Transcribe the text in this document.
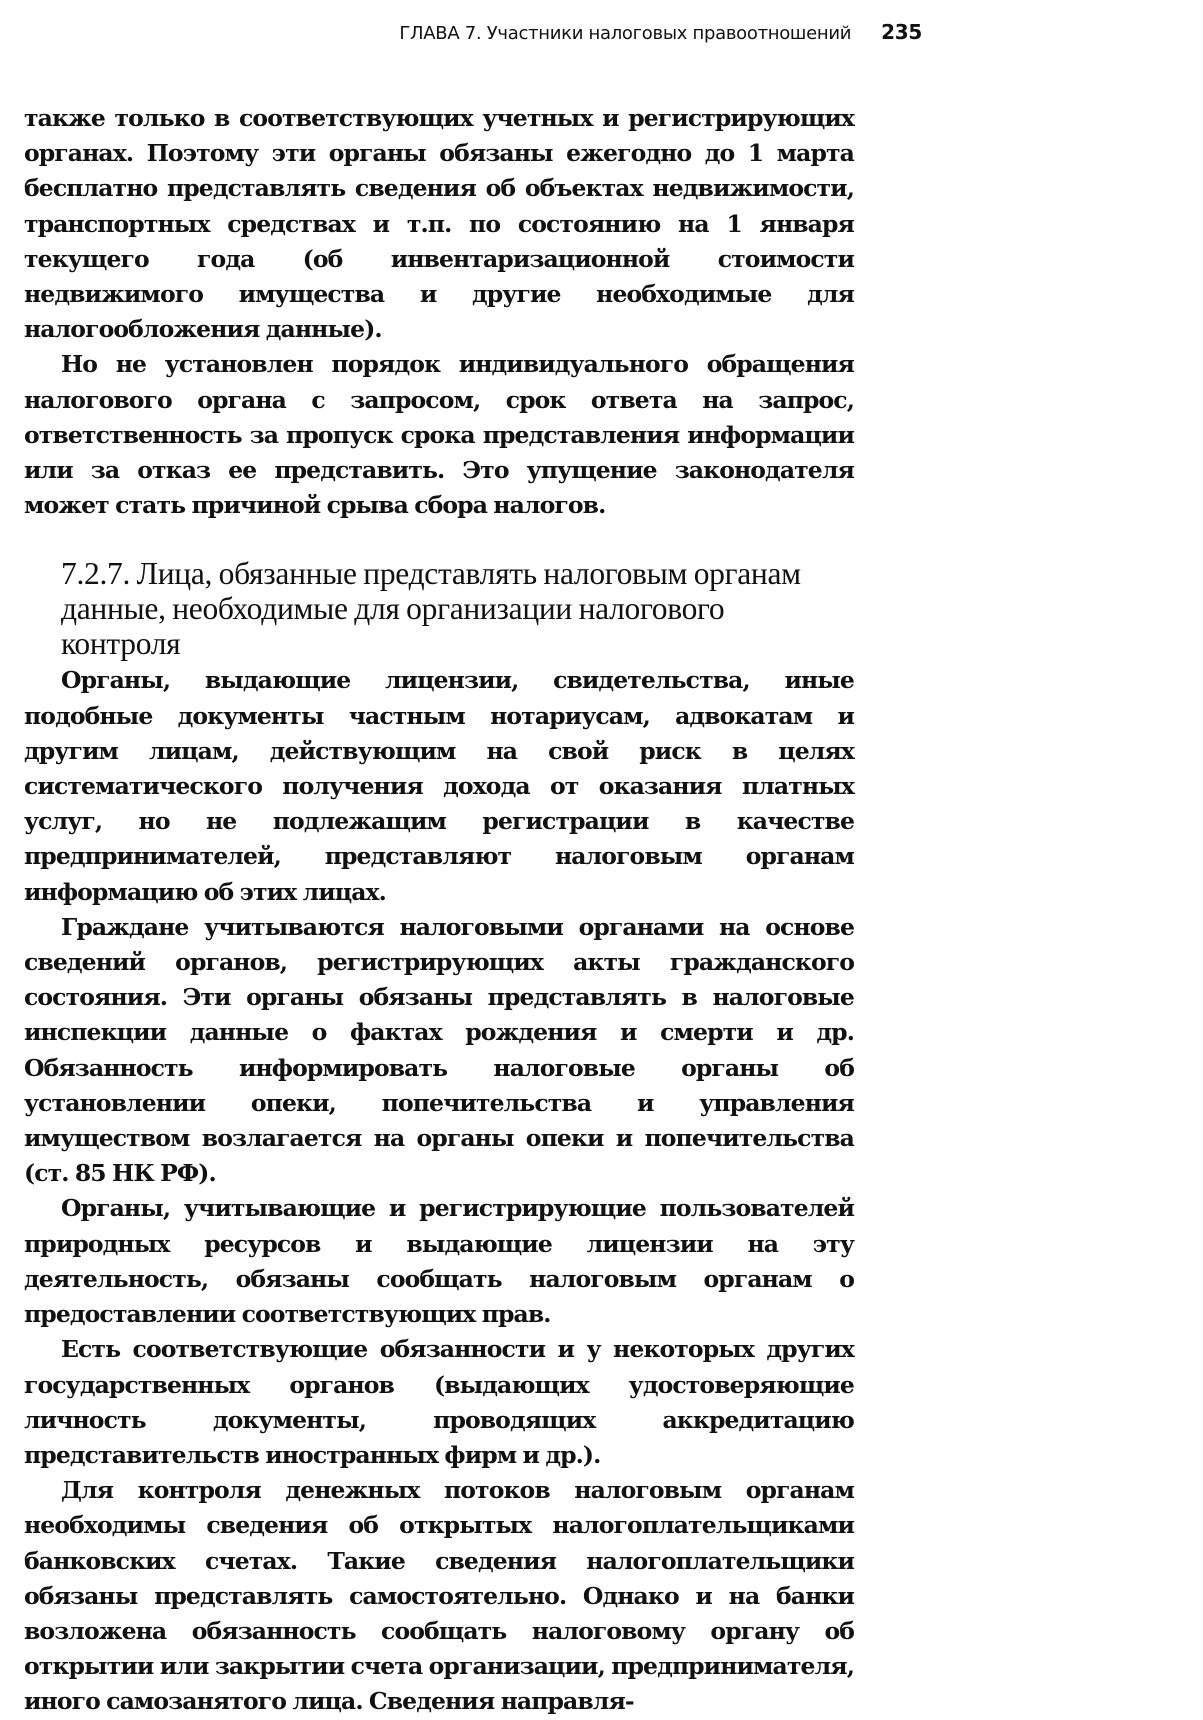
ГЛАВА 7. Участники налоговых правоотношений 235

также только в соответствующих учетных и регистрирующих органах. Поэтому эти органы обязаны ежегодно до 1 марта бесплатно представлять сведения об объектах недвижимости, транспортных средствах и т.п. по состоянию на 1 января текущего года (об инвентаризационной стоимости недвижимого имущества и другие необходимые для налогообложения данные).

Но не установлен порядок индивидуального обращения налогового органа с запросом, срок ответа на запрос, ответственность за пропуск срока представления информации или за отказ ее представить. Это упущение законодателя может стать причиной срыва сбора налогов.

7.2.7. Лица, обязанные представлять налоговым органам данные, необходимые для организации налогового контроля

Органы, выдающие лицензии, свидетельства, иные подобные документы частным нотариусам, адвокатам и другим лицам, действующим на свой риск в целях систематического получения дохода от оказания платных услуг, но не подлежащим регистрации в качестве предпринимателей, представляют налоговым органам информацию об этих лицах.

Граждане учитываются налоговыми органами на основе сведений органов, регистрирующих акты гражданского состояния. Эти органы обязаны представлять в налоговые инспекции данные о фактах рождения и смерти и др. Обязанность информировать налоговые органы об установлении опеки, попечительства и управления имуществом возлагается на органы опеки и попечительства (ст. 85 НК РФ).

Органы, учитывающие и регистрирующие пользователей природных ресурсов и выдающие лицензии на эту деятельность, обязаны сообщать налоговым органам о предоставлении соответствующих прав.

Есть соответствующие обязанности и у некоторых других государственных органов (выдающих удостоверяющие личность документы, проводящих аккредитацию представительств иностранных фирм и др.).

Для контроля денежных потоков налоговым органам необходимы сведения об открытых налогоплательщиками банковских счетах. Такие сведения налогоплательщики обязаны представлять самостоятельно. Однако и на банки возложена обязанность сообщать налоговому органу об открытии или закрытии счета организации, предпринимателя, иного самозанятого лица. Сведения направля-
